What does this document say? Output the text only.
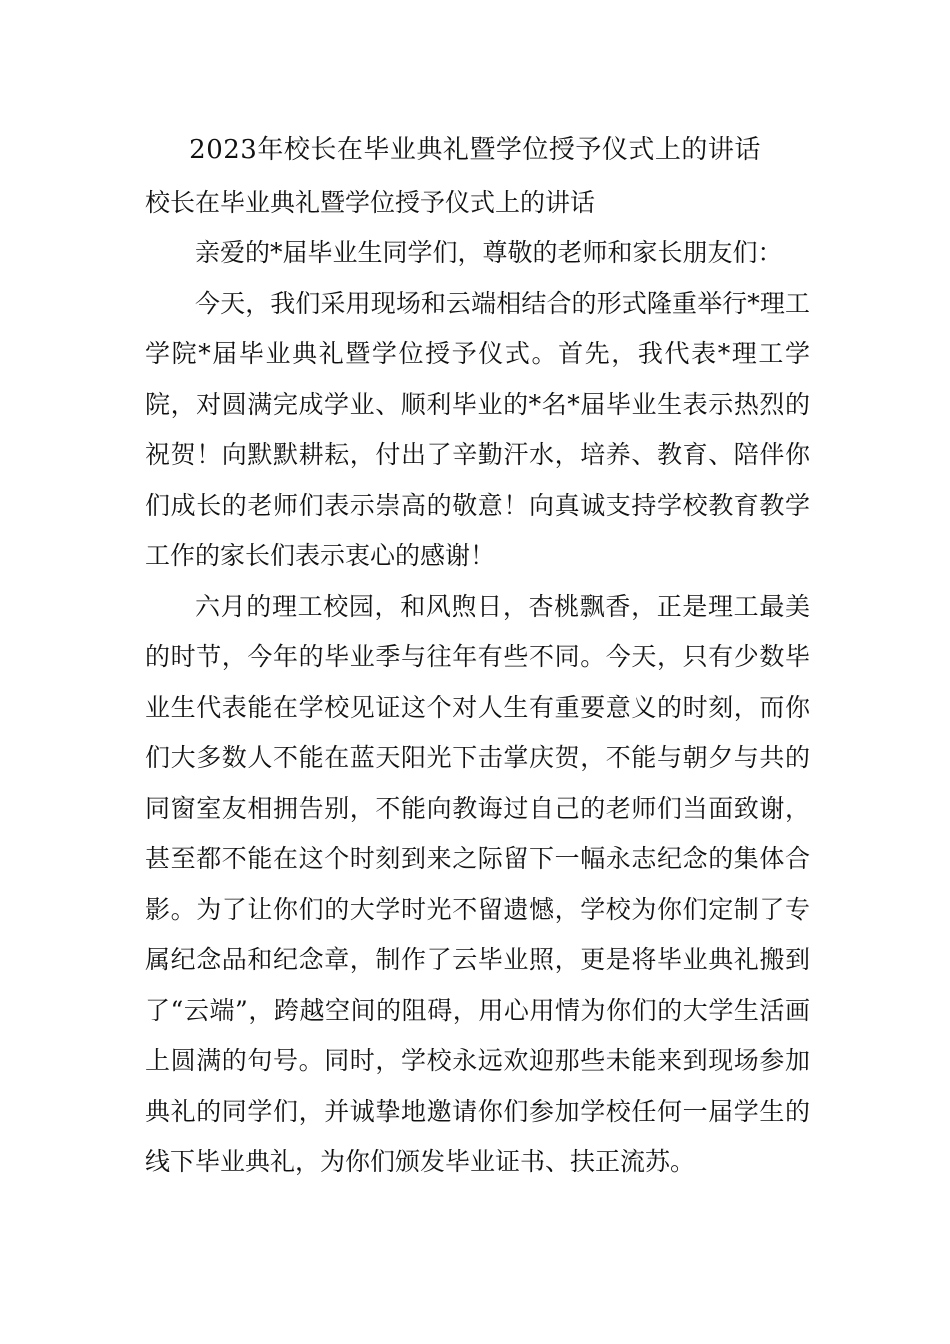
2023年校长在毕业典礼暨学位授予仪式上的讲话
校长在毕业典礼暨学位授予仪式上的讲话

亲爱的*届毕业生同学们，尊敬的老师和家长朋友们：

今天，我们采用现场和云端相结合的形式隆重举行*理工学院*届毕业典礼暨学位授予仪式。首先，我代表*理工学院，对圆满完成学业、顺利毕业的*名*届毕业生表示热烈的祝贺！向默默耕耘，付出了辛勤汗水，培养、教育、陪伴你们成长的老师们表示崇高的敬意！向真诚支持学校教育教学工作的家长们表示衷心的感谢！

六月的理工校园，和风煦日，杏桃飘香，正是理工最美的时节，今年的毕业季与往年有些不同。今天，只有少数毕业生代表能在学校见证这个对人生有重要意义的时刻，而你们大多数人不能在蓝天阳光下击掌庆贺，不能与朝夕与共的同窗室友相拥告别，不能向教诲过自己的老师们当面致谢，甚至都不能在这个时刻到来之际留下一幅永志纪念的集体合影。为了让你们的大学时光不留遗憾，学校为你们定制了专属纪念品和纪念章，制作了云毕业照，更是将毕业典礼搬到了“云端”，跨越空间的阻碍，用心用情为你们的大学生活画上圆满的句号。同时，学校永远欢迎那些未能来到现场参加典礼的同学们，并诚挚地邀请你们参加学校任何一届学生的线下毕业典礼，为你们颁发毕业证书、扶正流苏。
